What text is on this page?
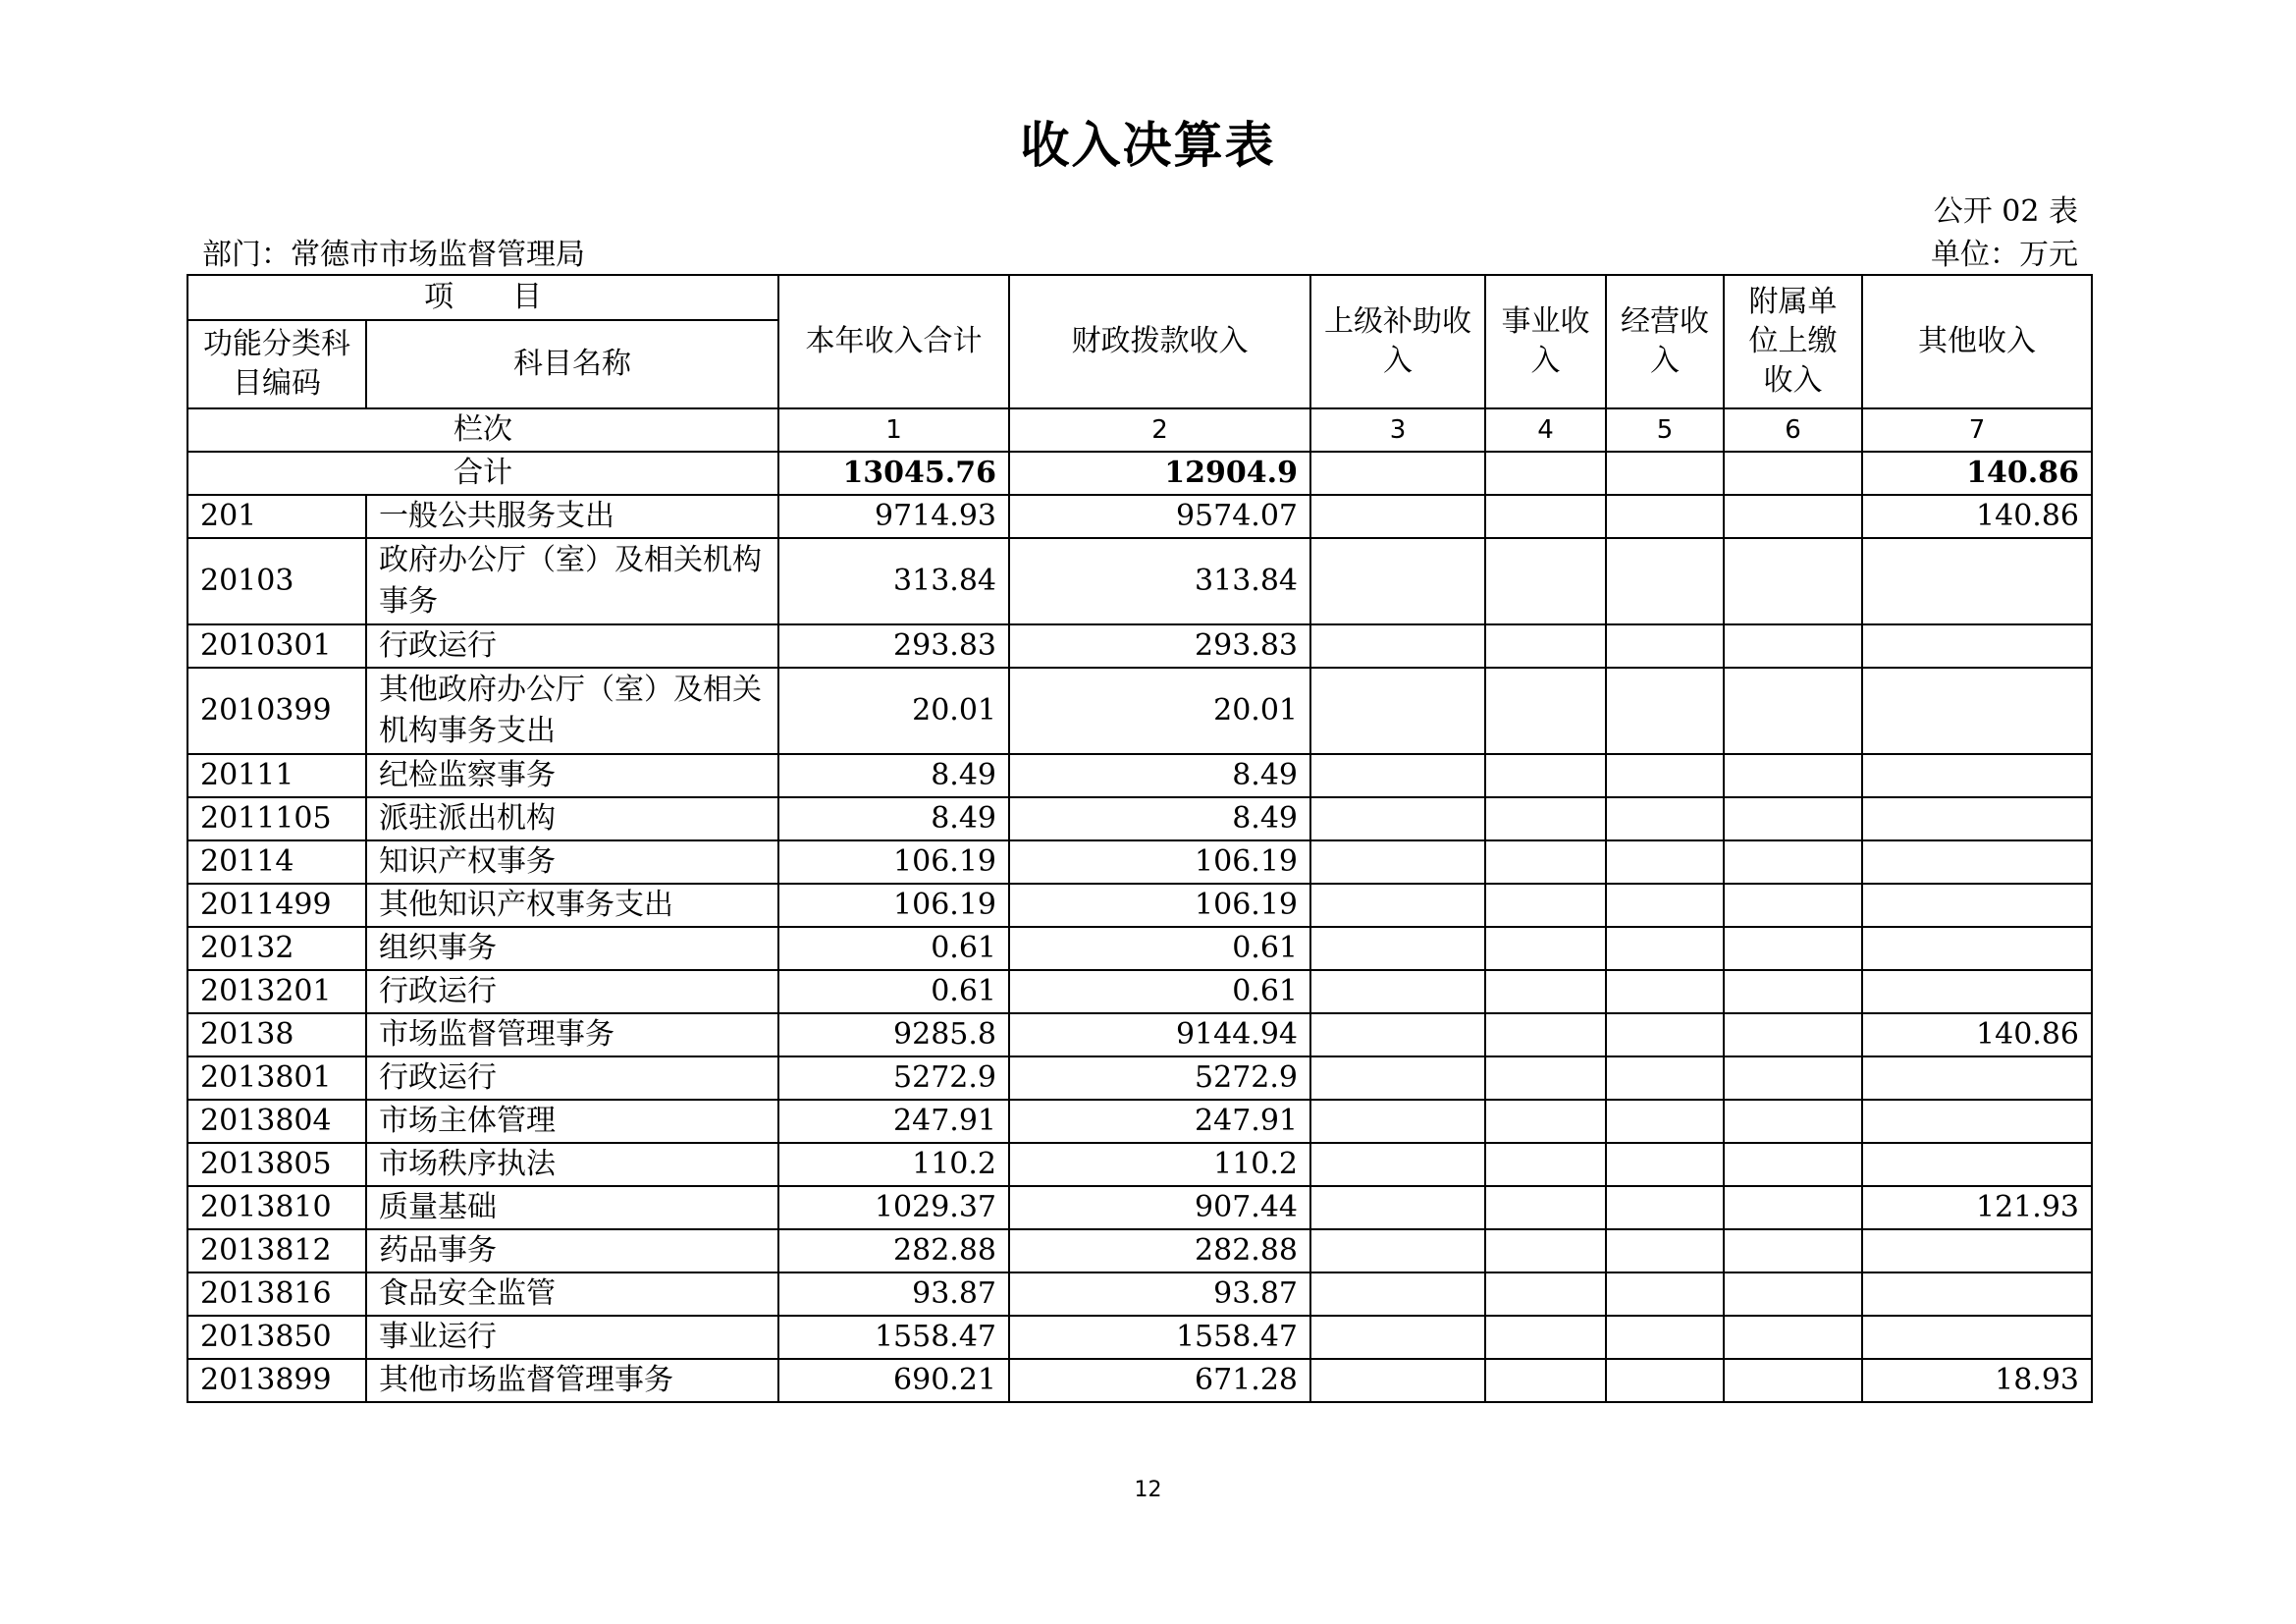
收入决算表
公开 02 表
部门：常德市市场监督管理局	单位：万元
项　　目		本年收入合计	财政拨款收入	上级补助收入	事业收入	经营收入	附属单位上缴收入	其他收入
功能分类科目编码	科目名称							
栏次		1	2	3	4	5	6	7
合计		13045.76	12904.9					140.86
201	一般公共服务支出	9714.93	9574.07					140.86
20103	政府办公厅（室）及相关机构事务	313.84	313.84					
2010301	行政运行	293.83	293.83					
2010399	其他政府办公厅（室）及相关机构事务支出	20.01	20.01					
20111	纪检监察事务	8.49	8.49					
2011105	派驻派出机构	8.49	8.49					
20114	知识产权事务	106.19	106.19					
2011499	其他知识产权事务支出	106.19	106.19					
20132	组织事务	0.61	0.61					
2013201	行政运行	0.61	0.61					
20138	市场监督管理事务	9285.8	9144.94					140.86
2013801	行政运行	5272.9	5272.9					
2013804	市场主体管理	247.91	247.91					
2013805	市场秩序执法	110.2	110.2					
2013810	质量基础	1029.37	907.44					121.93
2013812	药品事务	282.88	282.88					
2013816	食品安全监管	93.87	93.87					
2013850	事业运行	1558.47	1558.47					
2013899	其他市场监督管理事务	690.21	671.28					18.93
12
